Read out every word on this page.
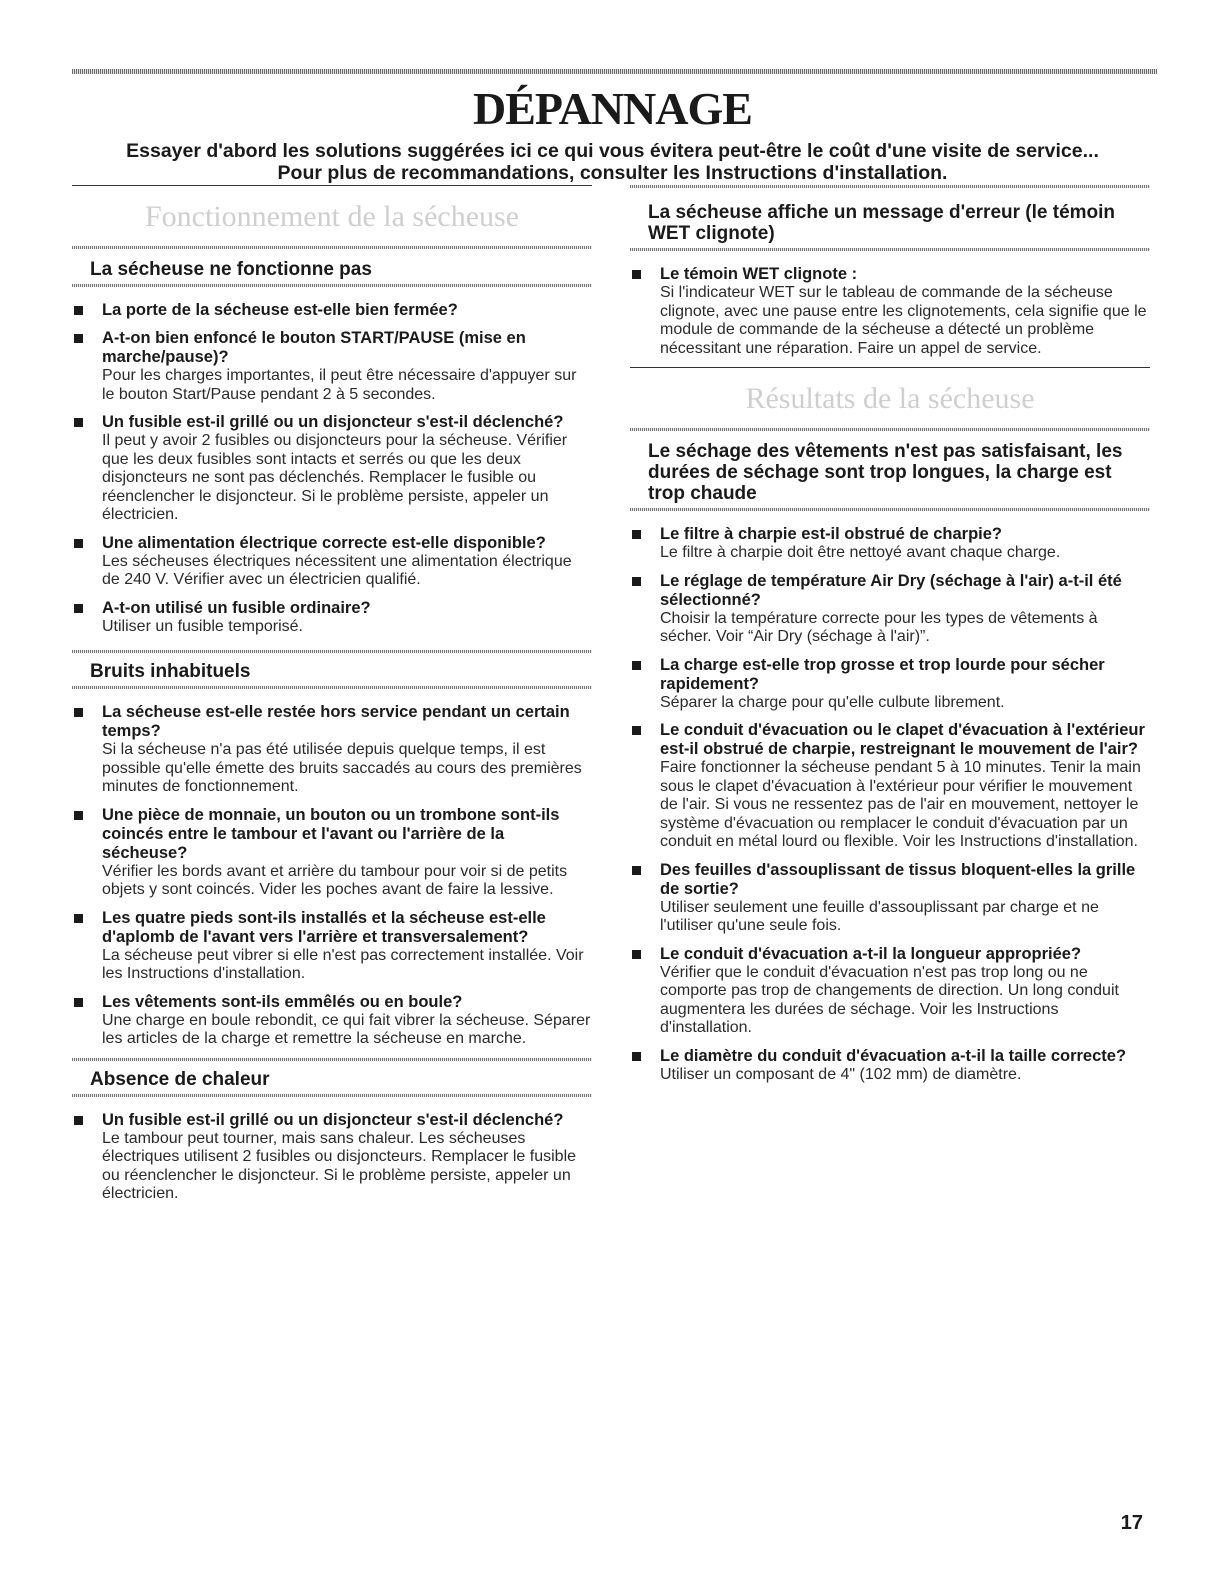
DÉPANNAGE
Essayer d'abord les solutions suggérées ici ce qui vous évitera peut-être le coût d'une visite de service...
Pour plus de recommandations, consulter les Instructions d'installation.
Fonctionnement de la sécheuse
La sécheuse ne fonctionne pas
La porte de la sécheuse est-elle bien fermée?
A-t-on bien enfoncé le bouton START/PAUSE (mise en marche/pause)?
Pour les charges importantes, il peut être nécessaire d'appuyer sur le bouton Start/Pause pendant 2 à 5 secondes.
Un fusible est-il grillé ou un disjoncteur s'est-il déclenché?
Il peut y avoir 2 fusibles ou disjoncteurs pour la sécheuse. Vérifier que les deux fusibles sont intacts et serrés ou que les deux disjoncteurs ne sont pas déclenchés. Remplacer le fusible ou réenclencher le disjoncteur. Si le problème persiste, appeler un électricien.
Une alimentation électrique correcte est-elle disponible?
Les sécheuses électriques nécessitent une alimentation électrique de 240 V. Vérifier avec un électricien qualifié.
A-t-on utilisé un fusible ordinaire?
Utiliser un fusible temporisé.
Bruits inhabituels
La sécheuse est-elle restée hors service pendant un certain temps?
Si la sécheuse n'a pas été utilisée depuis quelque temps, il est possible qu'elle émette des bruits saccadés au cours des premières minutes de fonctionnement.
Une pièce de monnaie, un bouton ou un trombone sont-ils coincés entre le tambour et l'avant ou l'arrière de la sécheuse?
Vérifier les bords avant et arrière du tambour pour voir si de petits objets y sont coincés. Vider les poches avant de faire la lessive.
Les quatre pieds sont-ils installés et la sécheuse est-elle d'aplomb de l'avant vers l'arrière et transversalement?
La sécheuse peut vibrer si elle n'est pas correctement installée. Voir les Instructions d'installation.
Les vêtements sont-ils emmêlés ou en boule?
Une charge en boule rebondit, ce qui fait vibrer la sécheuse. Séparer les articles de la charge et remettre la sécheuse en marche.
Absence de chaleur
Un fusible est-il grillé ou un disjoncteur s'est-il déclenché?
Le tambour peut tourner, mais sans chaleur. Les sécheuses électriques utilisent 2 fusibles ou disjoncteurs. Remplacer le fusible ou réenclencher le disjoncteur. Si le problème persiste, appeler un électricien.
La sécheuse affiche un message d'erreur (le témoin WET clignote)
Le témoin WET clignote :
Si l'indicateur WET sur le tableau de commande de la sécheuse clignote, avec une pause entre les clignotements, cela signifie que le module de commande de la sécheuse a détecté un problème nécessitant une réparation. Faire un appel de service.
Résultats de la sécheuse
Le séchage des vêtements n'est pas satisfaisant, les durées de séchage sont trop longues, la charge est trop chaude
Le filtre à charpie est-il obstrué de charpie?
Le filtre à charpie doit être nettoyé avant chaque charge.
Le réglage de température Air Dry (séchage à l'air) a-t-il été sélectionné?
Choisir la température correcte pour les types de vêtements à sécher. Voir “Air Dry (séchage à l'air)”.
La charge est-elle trop grosse et trop lourde pour sécher rapidement?
Séparer la charge pour qu'elle culbute librement.
Le conduit d'évacuation ou le clapet d'évacuation à l'extérieur est-il obstrué de charpie, restreignant le mouvement de l'air?
Faire fonctionner la sécheuse pendant 5 à 10 minutes. Tenir la main sous le clapet d'évacuation à l'extérieur pour vérifier le mouvement de l'air. Si vous ne ressentez pas de l'air en mouvement, nettoyer le système d'évacuation ou remplacer le conduit d'évacuation par un conduit en métal lourd ou flexible. Voir les Instructions d'installation.
Des feuilles d'assouplissant de tissus bloquent-elles la grille de sortie?
Utiliser seulement une feuille d'assouplissant par charge et ne l'utiliser qu'une seule fois.
Le conduit d'évacuation a-t-il la longueur appropriée?
Vérifier que le conduit d'évacuation n'est pas trop long ou ne comporte pas trop de changements de direction. Un long conduit augmentera les durées de séchage. Voir les Instructions d'installation.
Le diamètre du conduit d'évacuation a-t-il la taille correcte?
Utiliser un composant de 4" (102 mm) de diamètre.
17
